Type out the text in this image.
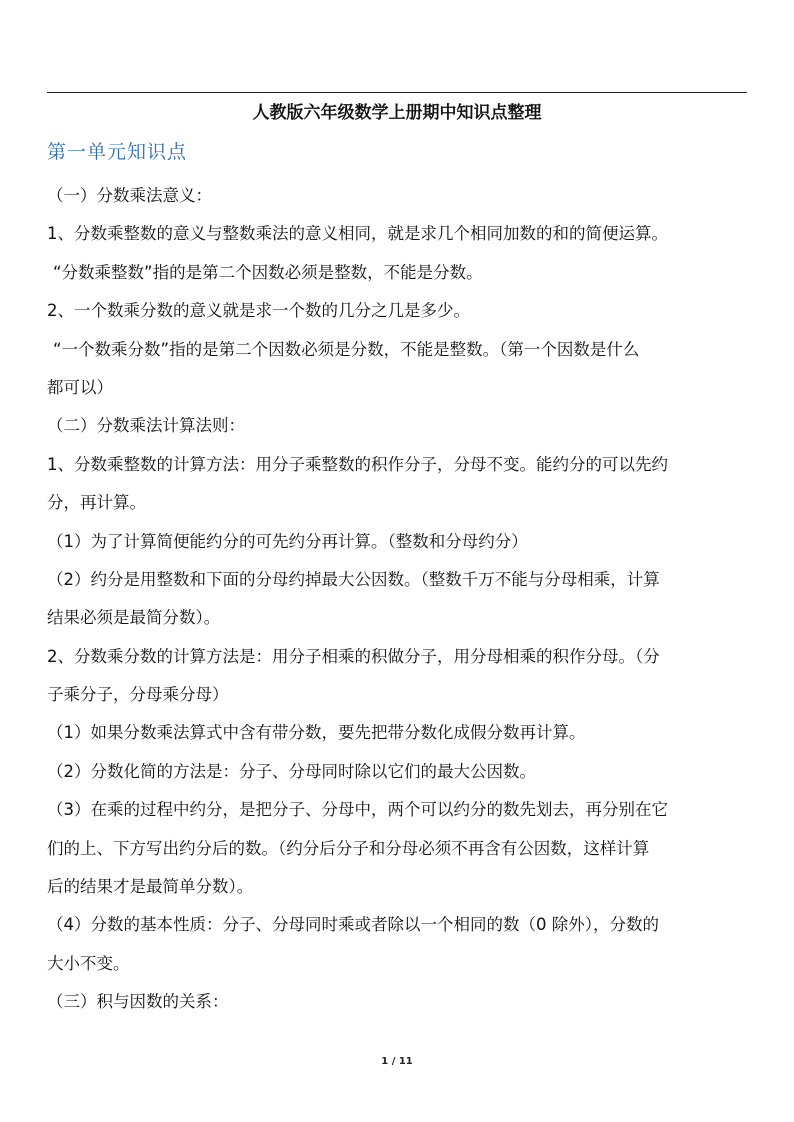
人教版六年级数学上册期中知识点整理
第一单元知识点
（一）分数乘法意义：
1、分数乘整数的意义与整数乘法的意义相同，就是求几个相同加数的和的简便运算。
“分数乘整数”指的是第二个因数必须是整数，不能是分数。
2、一个数乘分数的意义就是求一个数的几分之几是多少。
“一个数乘分数”指的是第二个因数必须是分数，不能是整数。（第一个因数是什么
都可以）
（二）分数乘法计算法则：
1、分数乘整数的计算方法：用分子乘整数的积作分子，分母不变。能约分的可以先约
分，再计算。
（1）为了计算简便能约分的可先约分再计算。（整数和分母约分）
（2）约分是用整数和下面的分母约掉最大公因数。（整数千万不能与分母相乘，计算
结果必须是最简分数）。
2、分数乘分数的计算方法是：用分子相乘的积做分子，用分母相乘的积作分母。（分
子乘分子，分母乘分母）
（1）如果分数乘法算式中含有带分数，要先把带分数化成假分数再计算。
（2）分数化简的方法是：分子、分母同时除以它们的最大公因数。
（3）在乘的过程中约分，是把分子、分母中，两个可以约分的数先划去，再分别在它
们的上、下方写出约分后的数。（约分后分子和分母必须不再含有公因数，这样计算
后的结果才是最简单分数）。
（4）分数的基本性质：分子、分母同时乘或者除以一个相同的数（0 除外），分数的
大小不变。
（三）积与因数的关系：
1 / 11
